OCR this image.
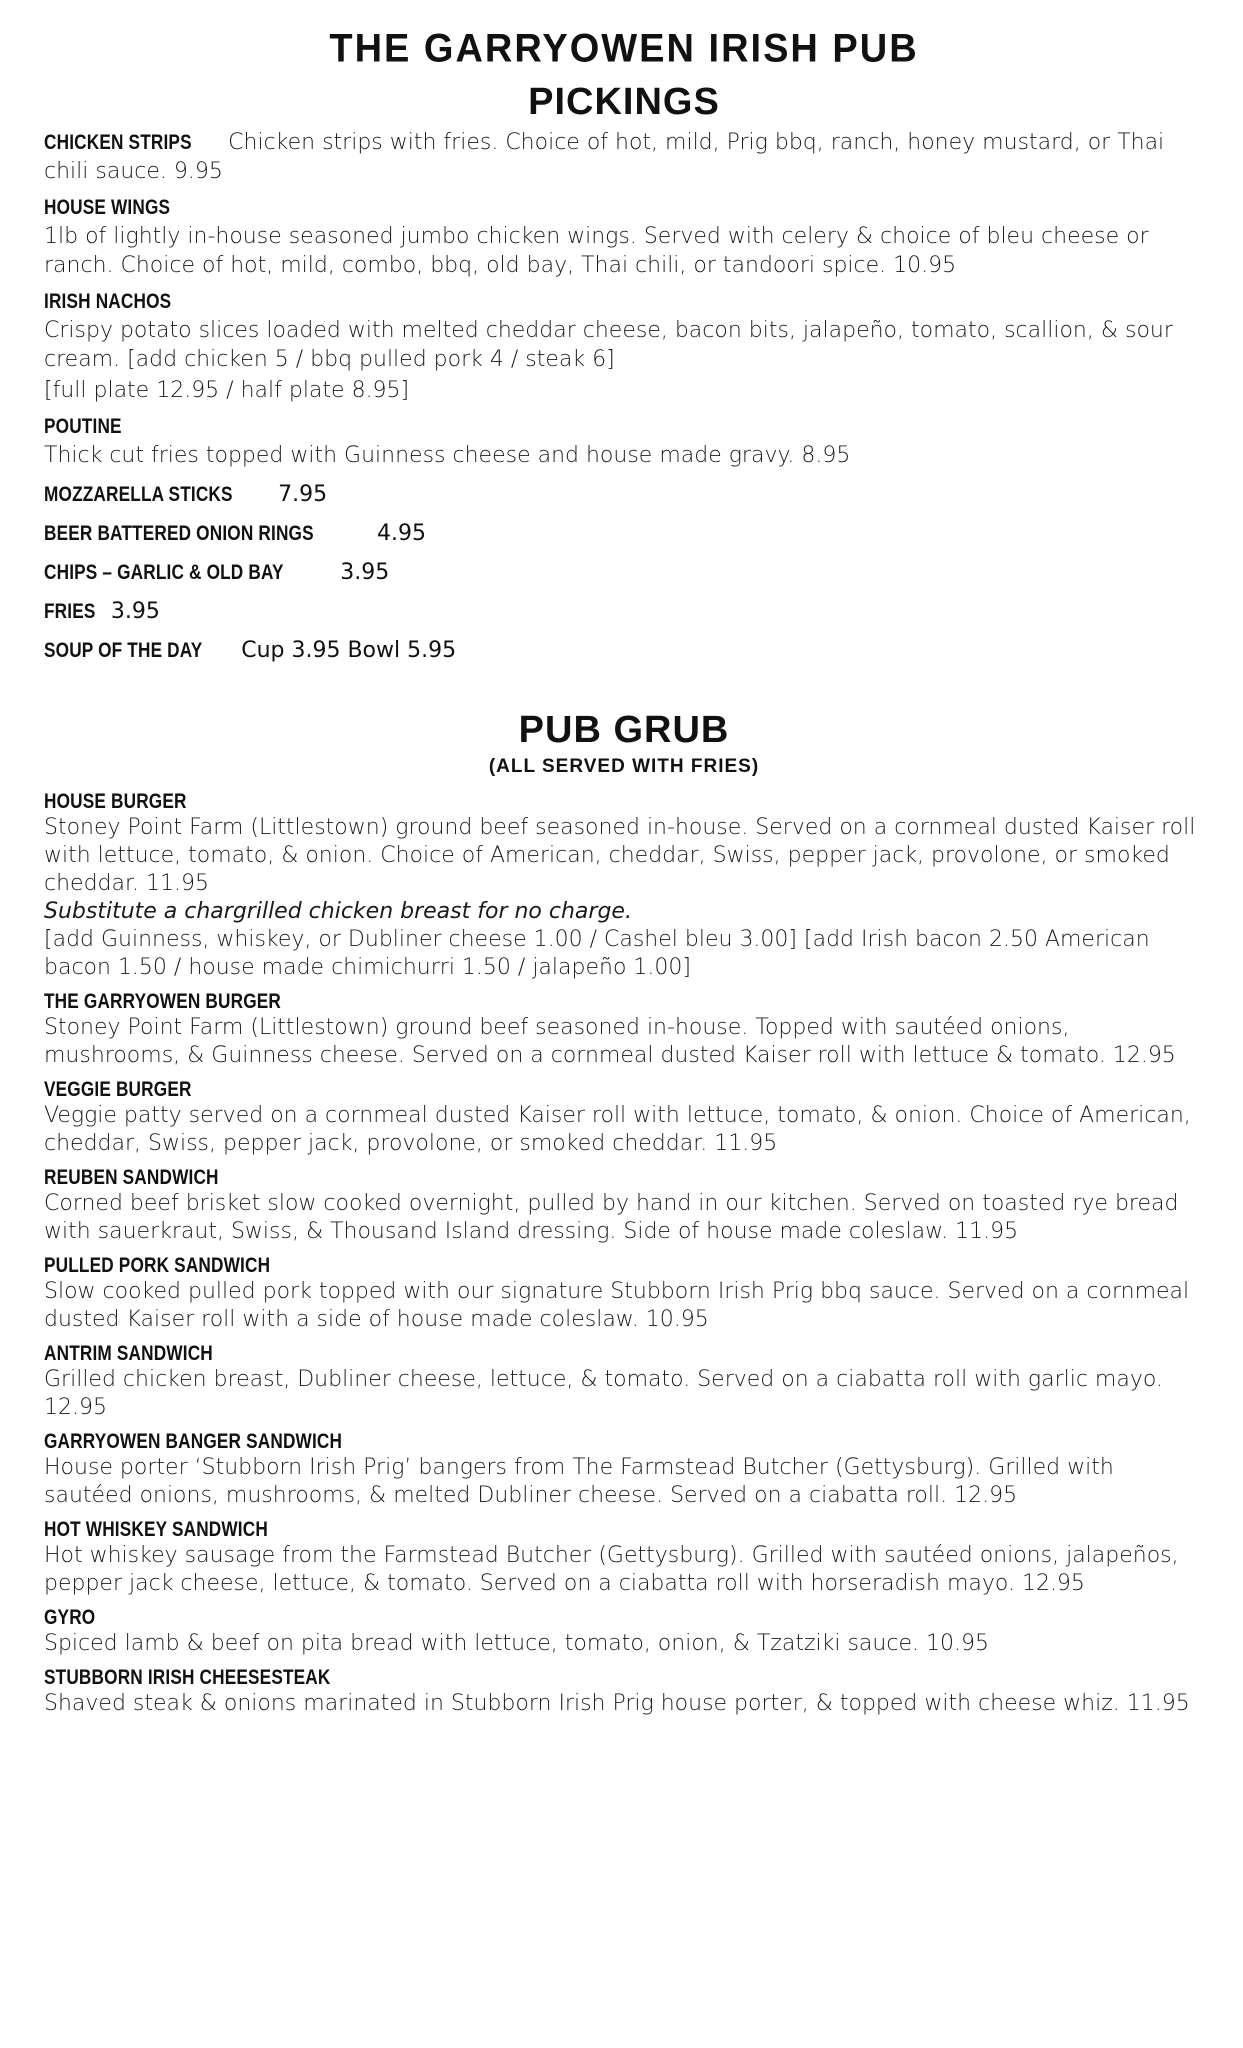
THE GARRYOWEN IRISH PUB
PICKINGS
CHICKEN STRIPS Chicken strips with fries. Choice of hot, mild, Prig bbq, ranch, honey mustard, or Thai chili sauce. 9.95
HOUSE WINGS
1lb of lightly in-house seasoned jumbo chicken wings. Served with celery & choice of bleu cheese or ranch. Choice of hot, mild, combo, bbq, old bay, Thai chili, or tandoori spice. 10.95
IRISH NACHOS
Crispy potato slices loaded with melted cheddar cheese, bacon bits, jalapeño, tomato, scallion, & sour cream. [add chicken 5 / bbq pulled pork 4 / steak 6]
[full plate 12.95 / half plate 8.95]
POUTINE
Thick cut fries topped with Guinness cheese and house made gravy. 8.95
MOZZARELLA STICKS 7.95
BEER BATTERED ONION RINGS	4.95
CHIPS – GARLIC & OLD BAY	3.95
FRIES 3.95
SOUP OF THE DAY Cup 3.95 Bowl 5.95
PUB GRUB
(ALL SERVED WITH FRIES)
HOUSE BURGER
Stoney Point Farm (Littlestown) ground beef seasoned in-house. Served on a cornmeal dusted Kaiser roll with lettuce, tomato, & onion. Choice of American, cheddar, Swiss, pepper jack, provolone, or smoked cheddar. 11.95
Substitute a chargrilled chicken breast for no charge.
[add Guinness, whiskey, or Dubliner cheese 1.00 / Cashel bleu 3.00] [add Irish bacon 2.50 American bacon 1.50 / house made chimichurri 1.50 / jalapeño 1.00]
THE GARRYOWEN BURGER
Stoney Point Farm (Littlestown) ground beef seasoned in-house. Topped with sautéed onions, mushrooms, & Guinness cheese. Served on a cornmeal dusted Kaiser roll with lettuce & tomato. 12.95
VEGGIE BURGER
Veggie patty served on a cornmeal dusted Kaiser roll with lettuce, tomato, & onion. Choice of American, cheddar, Swiss, pepper jack, provolone, or smoked cheddar. 11.95
REUBEN SANDWICH
Corned beef brisket slow cooked overnight, pulled by hand in our kitchen. Served on toasted rye bread with sauerkraut, Swiss, & Thousand Island dressing. Side of house made coleslaw. 11.95
PULLED PORK SANDWICH
Slow cooked pulled pork topped with our signature Stubborn Irish Prig bbq sauce. Served on a cornmeal dusted Kaiser roll with a side of house made coleslaw. 10.95
ANTRIM SANDWICH
Grilled chicken breast, Dubliner cheese, lettuce, & tomato. Served on a ciabatta roll with garlic mayo. 12.95
GARRYOWEN BANGER SANDWICH
House porter ‘Stubborn Irish Prig’ bangers from The Farmstead Butcher (Gettysburg). Grilled with sautéed onions, mushrooms, & melted Dubliner cheese. Served on a ciabatta roll. 12.95
HOT WHISKEY SANDWICH
Hot whiskey sausage from the Farmstead Butcher (Gettysburg). Grilled with sautéed onions, jalapeños, pepper jack cheese, lettuce, & tomato. Served on a ciabatta roll with horseradish mayo. 12.95
GYRO
Spiced lamb & beef on pita bread with lettuce, tomato, onion, & Tzatziki sauce. 10.95
STUBBORN IRISH CHEESESTEAK
Shaved steak & onions marinated in Stubborn Irish Prig house porter, & topped with cheese whiz. 11.95
